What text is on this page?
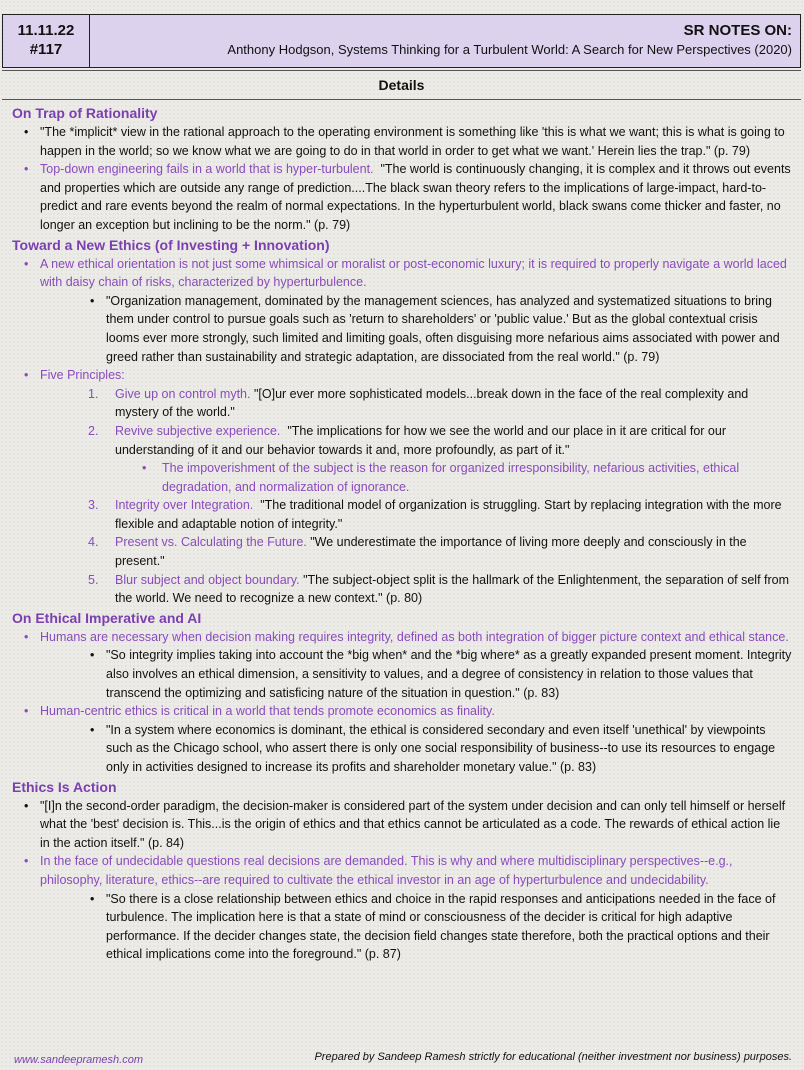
11.11.22
#117
SR NOTES ON:
Anthony Hodgson, Systems Thinking for a Turbulent World: A Search for New Perspectives (2020)
Details
On Trap of Rationality
• "The *implicit* view in the rational approach to the operating environment is something like 'this is what we want; this is what is going to happen in the world; so we know what we are going to do in that world in order to get what we want.' Herein lies the trap." (p. 79)
• Top-down engineering fails in a world that is hyper-turbulent. "The world is continuously changing, it is complex and it throws out events and properties which are outside any range of prediction....The black swan theory refers to the implications of large-impact, hard-to-predict and rare events beyond the realm of normal expectations. In the hyperturbulent world, black swans come thicker and faster, no longer an exception but inclining to be the norm." (p. 79)
Toward a New Ethics (of Investing + Innovation)
• A new ethical orientation is not just some whimsical or moralist or post-economic luxury; it is required to properly navigate a world laced with daisy chain of risks, characterized by hyperturbulence.
• "Organization management, dominated by the management sciences, has analyzed and systematized situations to bring them under control to pursue goals such as 'return to shareholders' or 'public value.' But as the global contextual crisis looms ever more strongly, such limited and limiting goals, often disguising more nefarious aims associated with power and greed rather than sustainability and strategic adaptation, are dissociated from the real world." (p. 79)
• Five Principles:
1. Give up on control myth. "[O]ur ever more sophisticated models...break down in the face of the real complexity and mystery of the world."
2. Revive subjective experience. "The implications for how we see the world and our place in it are critical for our understanding of it and our behavior towards it and, more profoundly, as part of it."
• The impoverishment of the subject is the reason for organized irresponsibility, nefarious activities, ethical degradation, and normalization of ignorance.
3. Integrity over Integration. "The traditional model of organization is struggling. Start by replacing integration with the more flexible and adaptable notion of integrity."
4. Present vs. Calculating the Future. "We underestimate the importance of living more deeply and consciously in the present."
5. Blur subject and object boundary. "The subject-object split is the hallmark of the Enlightenment, the separation of self from the world. We need to recognize a new context." (p. 80)
On Ethical Imperative and AI
• Humans are necessary when decision making requires integrity, defined as both integration of bigger picture context and ethical stance.
• "So integrity implies taking into account the *big when* and the *big where* as a greatly expanded present moment. Integrity also involves an ethical dimension, a sensitivity to values, and a degree of consistency in relation to those values that transcend the optimizing and satisficing nature of the situation in question." (p. 83)
• Human-centric ethics is critical in a world that tends promote economics as finality.
• "In a system where economics is dominant, the ethical is considered secondary and even itself 'unethical' by viewpoints such as the Chicago school, who assert there is only one social responsibility of business--to use its resources to engage only in activities designed to increase its profits and shareholder monetary value." (p. 83)
Ethics Is Action
• "[I]n the second-order paradigm, the decision-maker is considered part of the system under decision and can only tell himself or herself what the 'best' decision is. This...is the origin of ethics and that ethics cannot be articulated as a code. The rewards of ethical action lie in the action itself." (p. 84)
• In the face of undecidable questions real decisions are demanded. This is why and where multidisciplinary perspectives--e.g., philosophy, literature, ethics--are required to cultivate the ethical investor in an age of hyperturbulence and undecidability.
• "So there is a close relationship between ethics and choice in the rapid responses and anticipations needed in the face of turbulence. The implication here is that a state of mind or consciousness of the decider is critical for high adaptive performance. If the decider changes state, the decision field changes state therefore, both the practical options and their ethical implications come into the foreground." (p. 87)
www.sandeepramesh.com	Prepared by Sandeep Ramesh strictly for educational (neither investment nor business) purposes.
